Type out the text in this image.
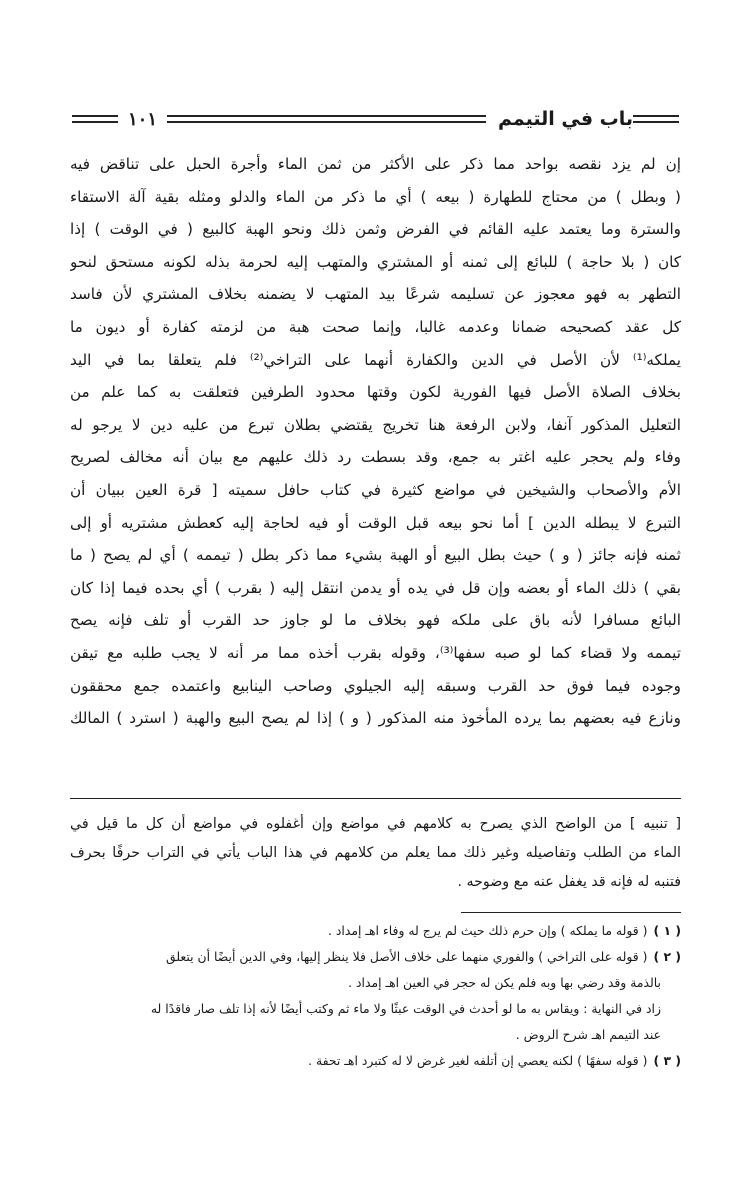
باب في التيمم
١٠١
إن لم يزد نقصه بواحد مما ذكر على الأكثر من ثمن الماء وأجرة الحبل على تناقض فيه
( وبطل ) من محتاج للطهارة ( بيعه ) أي ما ذكر من الماء والدلو ومثله بقية آلة الاستقاء
والسترة وما يعتمد عليه القائم في الفرض وثمن ذلك ونحو الهبة كالبيع ( في الوقت ) إذا
كان ( بلا حاجة ) للبائع إلى ثمنه أو المشتري والمتهب إليه لحرمة بذله لكونه مستحق لنحو
التطهر به فهو معجوز عن تسليمه شرعًا بيد المتهب لا يضمنه بخلاف المشتري لأن فاسد
كل عقد كصحيحه ضمانا وعدمه غالبا، وإنما صحت هبة من لزمته كفارة أو ديون ما
يملكه⁽¹⁾ لأن الأصل في الدين والكفارة أنهما على التراخي⁽²⁾ فلم يتعلقا بما في اليد
بخلاف الصلاة الأصل فيها الفورية لكون وقتها محدود الطرفين فتعلقت به كما علم من
التعليل المذكور آنفا، ولابن الرفعة هنا تخريج يقتضي بطلان تبرع من عليه دين لا يرجو له
وفاء ولم يحجر عليه اغتر به جمع، وقد بسطت رد ذلك عليهم مع بيان أنه مخالف لصريح
الأم والأصحاب والشيخين في مواضع كثيرة في كتاب حافل سميته [ قرة العين ببيان أن
التبرع لا يبطله الدين ] أما نحو بيعه قبل الوقت أو فيه لحاجة إليه كعطش مشتريه أو إلى
ثمنه فإنه جائز ( و ) حيث بطل البيع أو الهبة بشيء مما ذكر بطل ( تيممه ) أي لم يصح ( ما
بقي ) ذلك الماء أو بعضه وإن قل في يده أو يدمن انتقل إليه ( بقرب ) أي بحده فيما إذا كان
البائع مسافرا لأنه باق على ملكه فهو بخلاف ما لو جاوز حد القرب أو تلف فإنه يصح
تيممه ولا قضاء كما لو صبه سفها⁽³⁾، وقوله بقرب أخذه مما مر أنه لا يجب طلبه مع تيقن
وجوده فيما فوق حد القرب وسبقه إليه الجيلوي وصاحب الينابيع واعتمده جمع محققون
ونازع فيه بعضهم بما يرده المأخوذ منه المذكور ( و ) إذا لم يصح البيع والهبة ( استرد ) المالك
[ تنبيه ] من الواضح الذي يصرح به كلامهم في مواضع وإن أغفلوه في مواضع أن كل ما قيل في
الماء من الطلب وتفاصيله وغير ذلك مما يعلم من كلامهم في هذا الباب يأتي في التراب حرفًا بحرف
فتنبه له فإنه قد يغفل عنه مع وضوحه .
( ١ )( قوله ما يملكه ) وإن حرم ذلك حيث لم يرج له وفاء اهـ إمداد .
( ٢ )( قوله على التراخي ) والفوري منهما على خلاف الأصل فلا ينظر إليها، وفي الدين أيضًا أن يتعلق
بالذمة وقد رضي بها وبه فلم يكن له حجر في العين اهـ إمداد .
زاد في النهاية : ويقاس به ما لو أحدث في الوقت عبثًا ولا ماء ثم وكتب أيضًا لأنه إذا تلف صار فاقدًا له
عند التيمم اهـ شرح الروض .
( ٣ )( قوله سفهًا ) لكنه يعصي إن أتلفه لغير غرض لا له كتبرد اهـ تحفة .
